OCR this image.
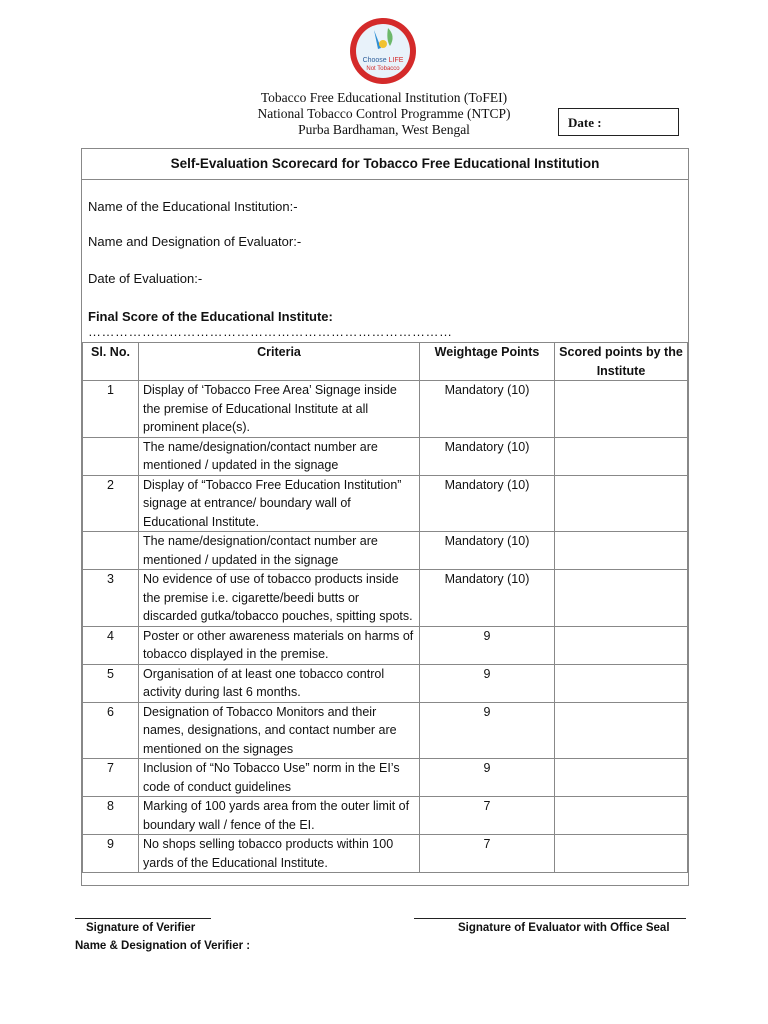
Choose LIFE
Not Tobacco
Tobacco Free Educational Institution (ToFEI)
National Tobacco Control Programme (NTCP)
Purba Bardhaman, West Bengal	Date :
Self-Evaluation Scorecard for Tobacco Free Educational Institution
Name of the Educational Institution:-
Name and Designation of Evaluator:-
Date of Evaluation:-
Final Score of the Educational Institute: ………………………………………………………………………
Sl. No.	Criteria	Weightage Points	Scored points by the Institute
1	Display of ‘Tobacco Free Area’ Signage inside the premise of Educational Institute at all prominent place(s).	Mandatory (10)	
	The name/designation/contact number are mentioned / updated in the signage	Mandatory (10)	
2	Display of “Tobacco Free Education Institution” signage at entrance/ boundary wall of Educational Institute.	Mandatory (10)	
	The name/designation/contact number are mentioned / updated in the signage	Mandatory (10)	
3	No evidence of use of tobacco products inside the premise i.e. cigarette/beedi butts or discarded gutka/tobacco pouches, spitting spots.	Mandatory (10)	
4	Poster or other awareness materials on harms of tobacco displayed in the premise.	9	
5	Organisation of at least one tobacco control activity during last 6 months.	9	
6	Designation of Tobacco Monitors and their names, designations, and contact number are mentioned on the signages	9	
7	Inclusion of “No Tobacco Use” norm in the EI’s code of conduct guidelines	9	
8	Marking of 100 yards area from the outer limit of boundary wall / fence of the EI.	7	
9	No shops selling tobacco products within 100 yards of the Educational Institute.	7	
Signature of Verifier
Name & Designation of Verifier :
Signature of Evaluator with Office Seal
